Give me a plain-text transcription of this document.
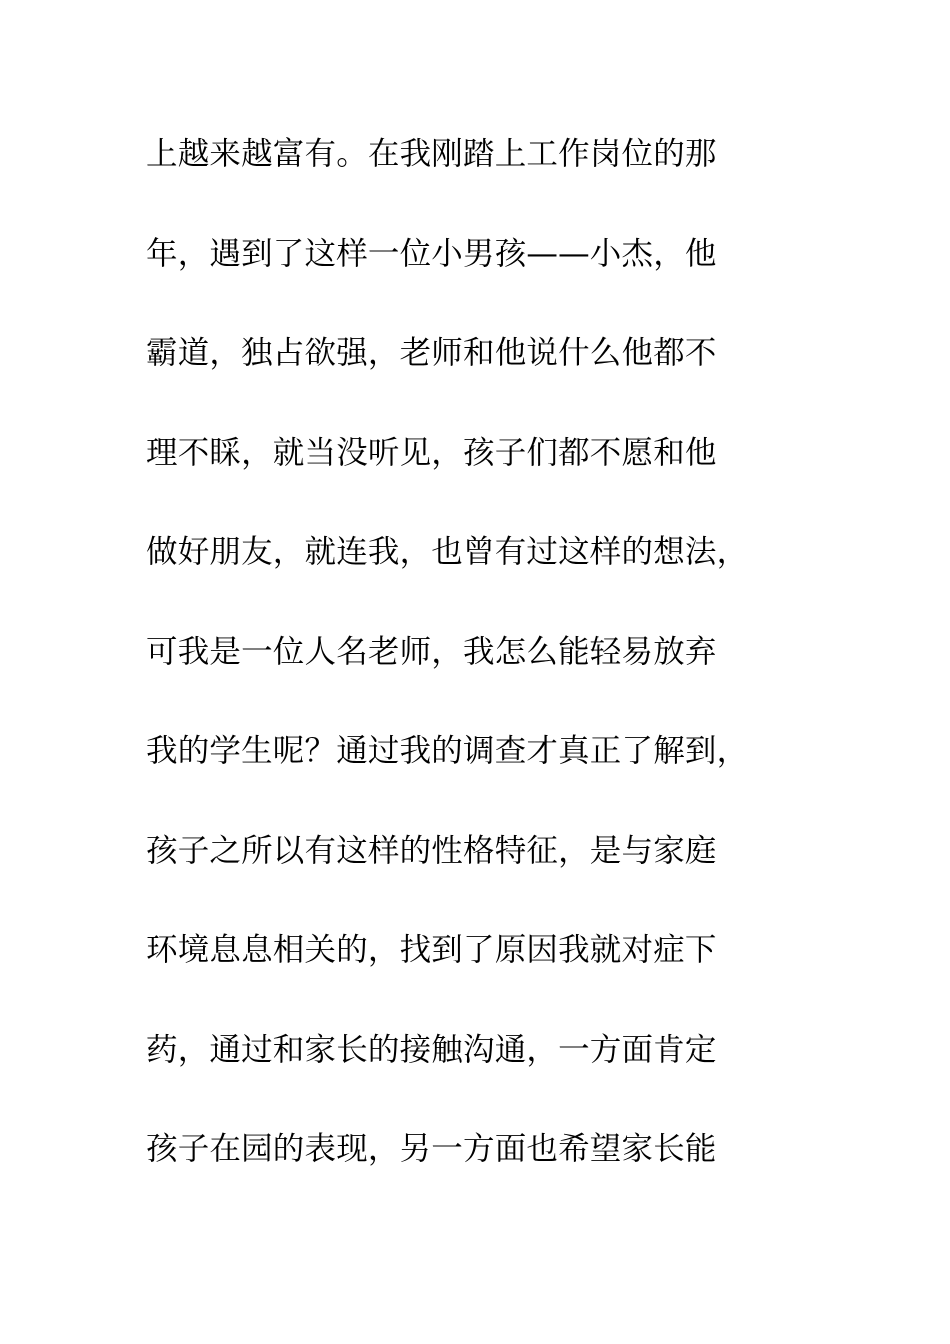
上越来越富有。在我刚踏上工作岗位的那
年，遇到了这样一位小男孩——小杰，他
霸道，独占欲强，老师和他说什么他都不
理不睬，就当没听见，孩子们都不愿和他
做好朋友，就连我，也曾有过这样的想法，
可我是一位人名老师，我怎么能轻易放弃
我的学生呢？通过我的调查才真正了解到，
孩子之所以有这样的性格特征，是与家庭
环境息息相关的，找到了原因我就对症下
药，通过和家长的接触沟通，一方面肯定
孩子在园的表现，另一方面也希望家长能
